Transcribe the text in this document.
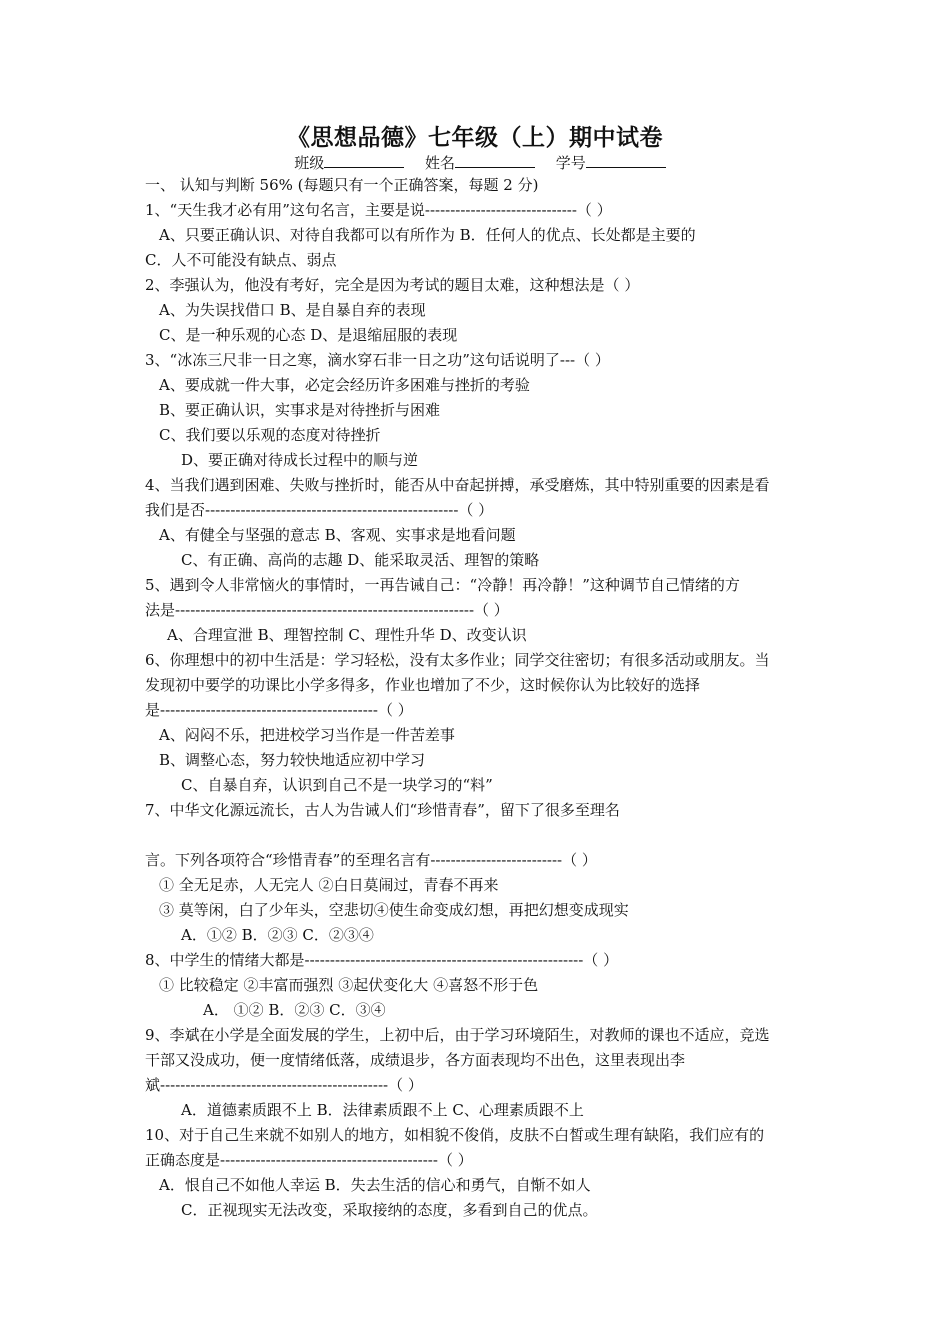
《思想品德》七年级（上）期中试卷
班级	姓名	学号
一、 认知与判断 56% (每题只有一个正确答案，每题 2 分)
1、“天生我才必有用”这句名言，主要是说------------------------------（ ）
A、只要正确认识、对待自我都可以有所作为 B．任何人的优点、长处都是主要的
C．人不可能没有缺点、弱点
2、李强认为，他没有考好，完全是因为考试的题目太难，这种想法是（ ）
A、为失误找借口 B、是自暴自弃的表现
C、是一种乐观的心态 D、是退缩屈服的表现
3、“冰冻三尺非一日之寒，滴水穿石非一日之功”这句话说明了---（ ）
A、要成就一件大事，必定会经历许多困难与挫折的考验
B、要正确认识，实事求是对待挫折与困难
C、我们要以乐观的态度对待挫折
D、要正确对待成长过程中的顺与逆
4、当我们遇到困难、失败与挫折时，能否从中奋起拼搏，承受磨炼，其中特别重要的因素是看
我们是否--------------------------------------------------（ ）
A、有健全与坚强的意志 B、客观、实事求是地看问题
C、有正确、高尚的志趣 D、能采取灵活、理智的策略
5、遇到令人非常恼火的事情时，一再告诫自己：“冷静！再冷静！”这种调节自己情绪的方
法是-----------------------------------------------------------（ ）
A、合理宣泄 B、理智控制 C、理性升华 D、改变认识
6、你理想中的初中生活是：学习轻松，没有太多作业；同学交往密切；有很多活动或朋友。当
发现初中要学的功课比小学多得多，作业也增加了不少，这时候你认为比较好的选择
是-------------------------------------------（ ）
A、闷闷不乐，把进校学习当作是一件苦差事
B、调整心态，努力较快地适应初中学习
C、自暴自弃，认识到自己不是一块学习的“料”
7、中华文化源远流长，古人为告诫人们“珍惜青春”，留下了很多至理名
言。下列各项符合“珍惜青春”的至理名言有--------------------------（ ）
① 全无足赤，人无完人 ②白日莫闹过，青春不再来
③ 莫等闲，白了少年头，空悲切④使生命变成幻想，再把幻想变成现实
A．①② B．②③ C．②③④
8、中学生的情绪大都是-------------------------------------------------------（ ）
① 比较稳定 ②丰富而强烈 ③起伏变化大 ④喜怒不形于色
A． ①② B．②③ C．③④
9、李斌在小学是全面发展的学生，上初中后，由于学习环境陌生，对教师的课也不适应，竞选
干部又没成功，便一度情绪低落，成绩退步，各方面表现均不出色，这里表现出李
斌---------------------------------------------（ ）
A．道德素质跟不上 B．法律素质跟不上 C、心理素质跟不上
10、对于自己生来就不如别人的地方，如相貌不俊俏，皮肤不白皙或生理有缺陷，我们应有的
正确态度是-------------------------------------------（ ）
A．恨自己不如他人幸运 B．失去生活的信心和勇气，自惭不如人
C．正视现实无法改变，采取接纳的态度，多看到自己的优点。
